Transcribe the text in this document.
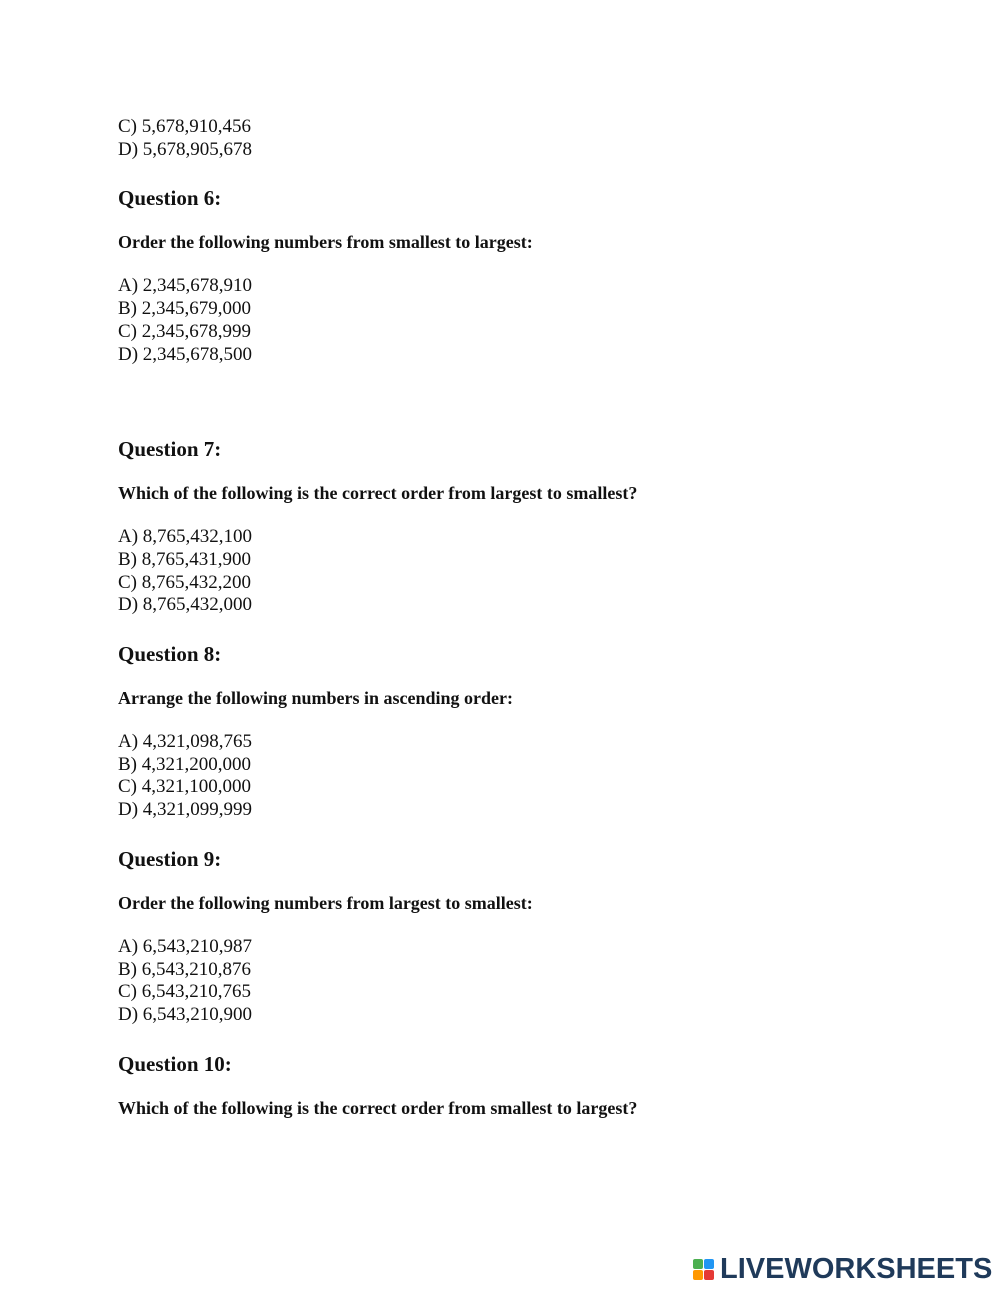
C) 5,678,910,456
D) 5,678,905,678
Question 6:

Order the following numbers from smallest to largest:

A) 2,345,678,910
B) 2,345,679,000
C) 2,345,678,999
D) 2,345,678,500
Question 7:

Which of the following is the correct order from largest to smallest?

A) 8,765,432,100
B) 8,765,431,900
C) 8,765,432,200
D) 8,765,432,000
Question 8:

Arrange the following numbers in ascending order:

A) 4,321,098,765
B) 4,321,200,000
C) 4,321,100,000
D) 4,321,099,999
Question 9:

Order the following numbers from largest to smallest:

A) 6,543,210,987
B) 6,543,210,876
C) 6,543,210,765
D) 6,543,210,900
Question 10:

Which of the following is the correct order from smallest to largest?

LIVEWORKSHEETS
